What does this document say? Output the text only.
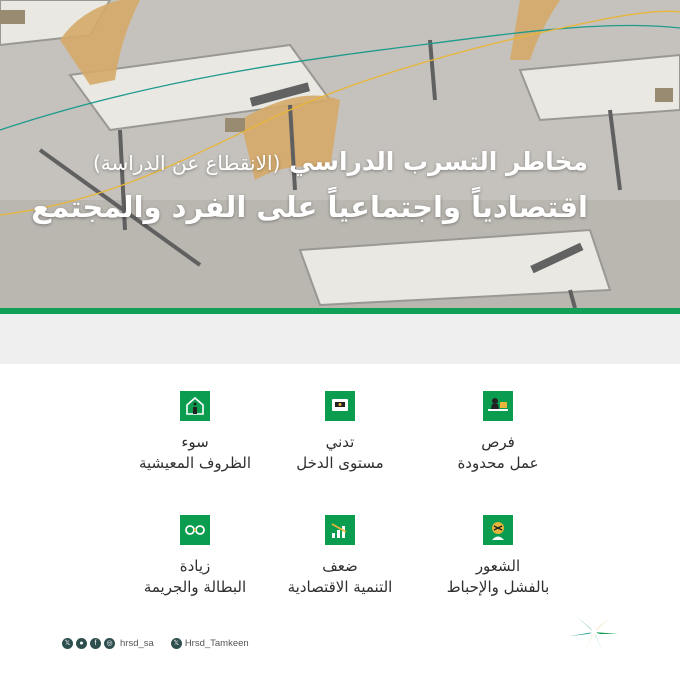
مخاطر التسرب الدراسي (الانقطاع عن الدراسة)
اقتصادياً واجتماعياً على الفرد والمجتمع
فرص
عمل محدودة
تدني
مستوى الدخل
سوء
الظروف المعيشية
الشعور
بالفشل والإحباط
ضعف
التنمية الاقتصادية
زيادة
البطالة والجريمة
𝕏	●	f	◎ hrsd_sa	𝕏 Hrsd_Tamkeen
